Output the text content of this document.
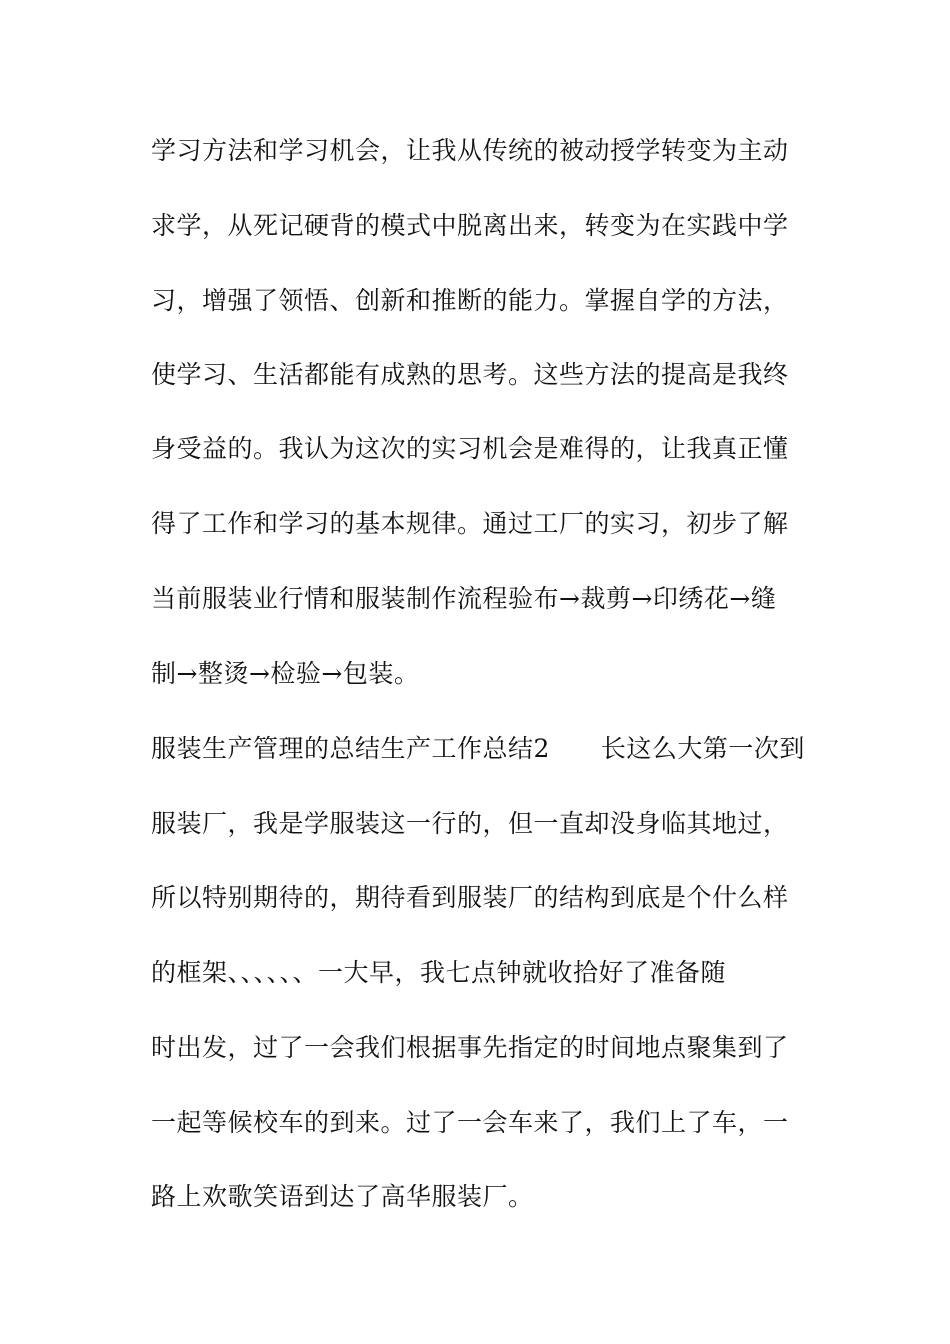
学习方法和学习机会，让我从传统的被动授学转变为主动
求学，从死记硬背的模式中脱离出来，转变为在实践中学
习，增强了领悟、创新和推断的能力。掌握自学的方法，
使学习、生活都能有成熟的思考。这些方法的提高是我终
身受益的。我认为这次的实习机会是难得的，让我真正懂
得了工作和学习的基本规律。通过工厂的实习，初步了解
当前服装业行情和服装制作流程验布→裁剪→印绣花→缝
制→整烫→检验→包装。
服装生产管理的总结生产工作总结2　　长这么大第一次到
服装厂，我是学服装这一行的，但一直却没身临其地过，
所以特别期待的，期待看到服装厂的结构到底是个什么样
的框架、、、、、、一大早，我七点钟就收拾好了准备随
时出发，过了一会我们根据事先指定的时间地点聚集到了
一起等候校车的到来。过了一会车来了，我们上了车，一
路上欢歌笑语到达了高华服装厂。
